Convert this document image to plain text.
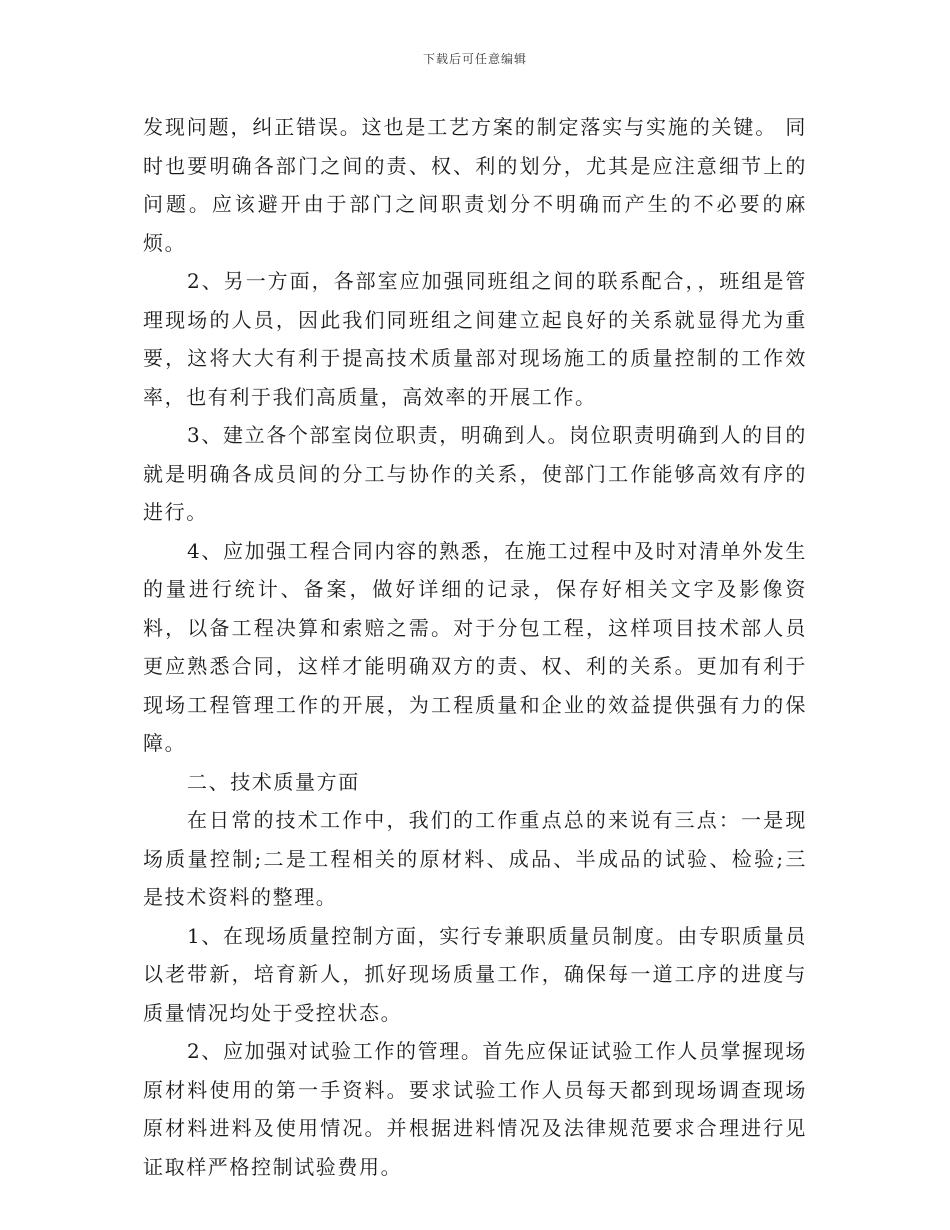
下载后可任意编辑

发现问题，纠正错误。这也是工艺方案的制定落实与实施的关键。 同时也要明确各部门之间的责、权、利的划分，尤其是应注意细节上的问题。应该避开由于部门之间职责划分不明确而产生的不必要的麻烦。

2、另一方面，各部室应加强同班组之间的联系配合，，班组是管理现场的人员，因此我们同班组之间建立起良好的关系就显得尤为重要，这将大大有利于提高技术质量部对现场施工的质量控制的工作效率，也有利于我们高质量，高效率的开展工作。

3、建立各个部室岗位职责，明确到人。岗位职责明确到人的目的就是明确各成员间的分工与协作的关系，使部门工作能够高效有序的进行。

4、应加强工程合同内容的熟悉，在施工过程中及时对清单外发生的量进行统计、备案，做好详细的记录，保存好相关文字及影像资料，以备工程决算和索赔之需。对于分包工程，这样项目技术部人员更应熟悉合同，这样才能明确双方的责、权、利的关系。更加有利于现场工程管理工作的开展，为工程质量和企业的效益提供强有力的保障。

二、技术质量方面

在日常的技术工作中，我们的工作重点总的来说有三点：一是现场质量控制;二是工程相关的原材料、成品、半成品的试验、检验;三是技术资料的整理。

1、在现场质量控制方面，实行专兼职质量员制度。由专职质量员以老带新，培育新人，抓好现场质量工作，确保每一道工序的进度与质量情况均处于受控状态。

2、应加强对试验工作的管理。首先应保证试验工作人员掌握现场原材料使用的第一手资料。要求试验工作人员每天都到现场调查现场原材料进料及使用情况。并根据进料情况及法律规范要求合理进行见证取样严格控制试验费用。
